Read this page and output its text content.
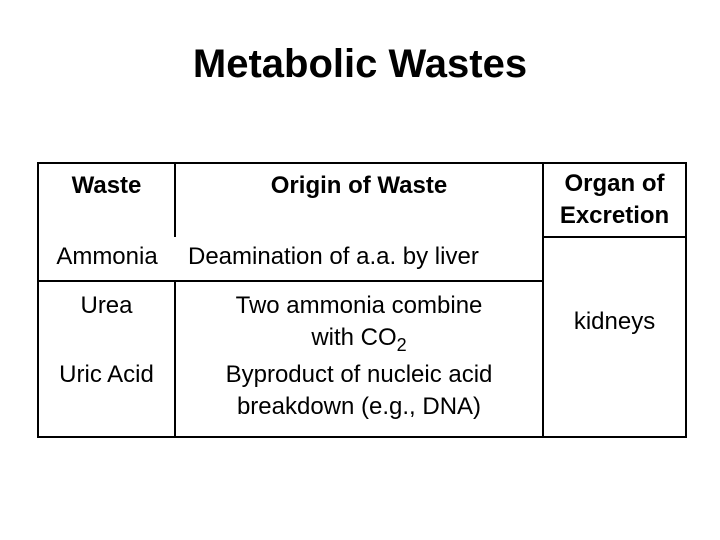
Metabolic Wastes
Waste	Origin of Waste	Organ of Excretion
Ammonia	Deamination of a.a. by liver	kidneys
Urea	Two ammonia combine
with $CO_2$

Uric Acid	Byproduct of nucleic acid
breakdown (e.g., DNA)	
